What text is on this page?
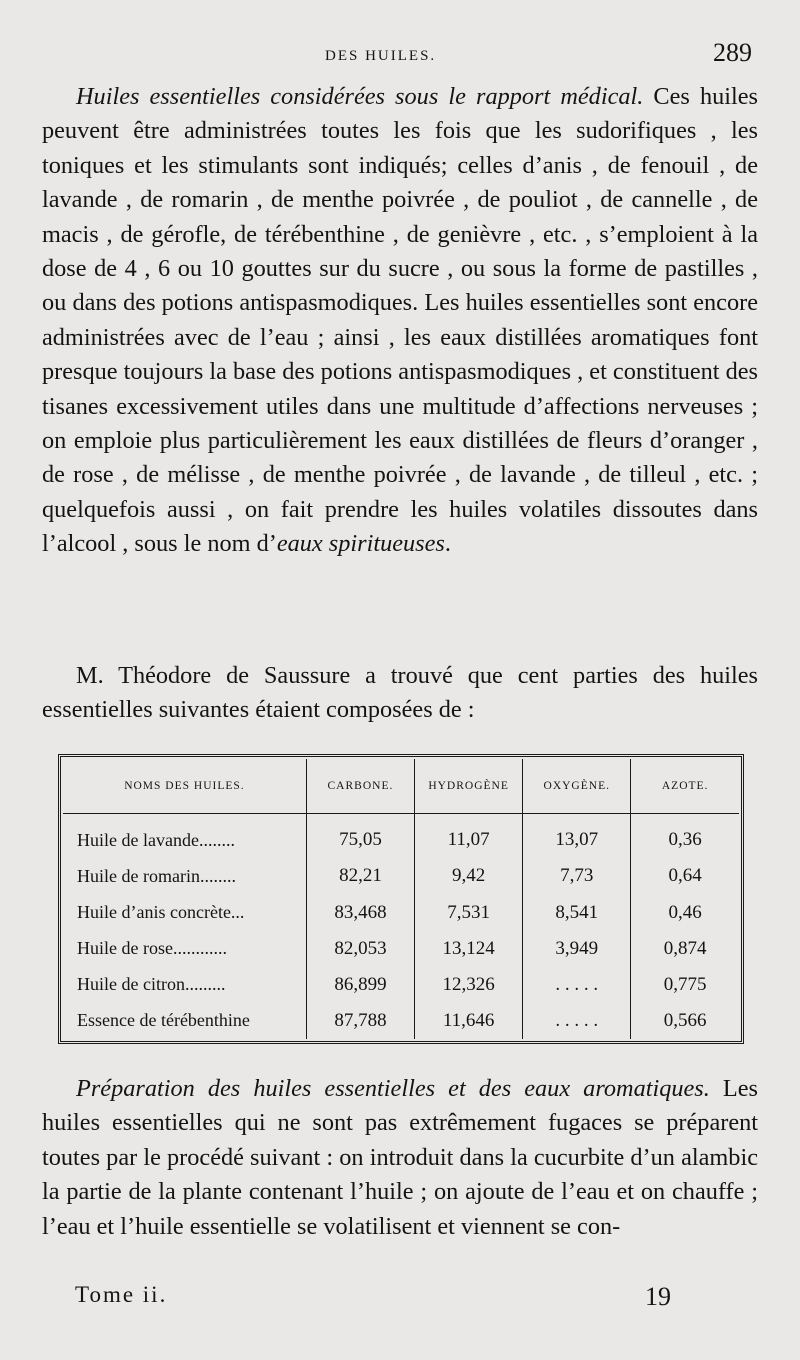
DES HUILES.	289
Huiles essentielles considérées sous le rapport médical. Ces huiles peuvent être administrées toutes les fois que les sudorifiques , les toniques et les stimulants sont indiqués; celles d’anis , de fenouil , de lavande , de romarin , de menthe poivrée , de pouliot , de cannelle , de macis , de gérofle, de térébenthine , de genièvre , etc. , s’emploient à la dose de 4 , 6 ou 10 gouttes sur du sucre , ou sous la forme de pastilles , ou dans des potions antispasmodiques. Les huiles essentielles sont encore administrées avec de l’eau ; ainsi , les eaux distillées aromatiques font presque toujours la base des potions antispasmodiques , et constituent des tisanes excessivement utiles dans une multitude d’affections nerveuses ; on emploie plus particulièrement les eaux distillées de fleurs d’oranger , de rose , de mélisse , de menthe poivrée , de lavande , de tilleul , etc. ; quelquefois aussi , on fait prendre les huiles volatiles dissoutes dans l’alcool , sous le nom d’eaux spiritueuses.
M. Théodore de Saussure a trouvé que cent parties des huiles essentielles suivantes étaient composées de :
NOMS DES HUILES.	CARBONE.	HYDROGÈNE	OXYGÈNE.	AZOTE.
Huile de lavande........	75,05	11,07	13,07	0,36
Huile de romarin........	82,21	9,42	7,73	0,64
Huile d’anis concrète...	83,468	7,531	8,541	0,46
Huile de rose............	82,053	13,124	3,949	0,874
Huile de citron.........	86,899	12,326	. . . . .	0,775
Essence de térébenthine	87,788	11,646	. . . . .	0,566
Préparation des huiles essentielles et des eaux aromatiques. Les huiles essentielles qui ne sont pas extrêmement fugaces se préparent toutes par le procédé suivant : on introduit dans la cucurbite d’un alambic la partie de la plante contenant l’huile ; on ajoute de l’eau et on chauffe ; l’eau et l’huile essentielle se volatilisent et viennent se con-
Tome ii.	19
